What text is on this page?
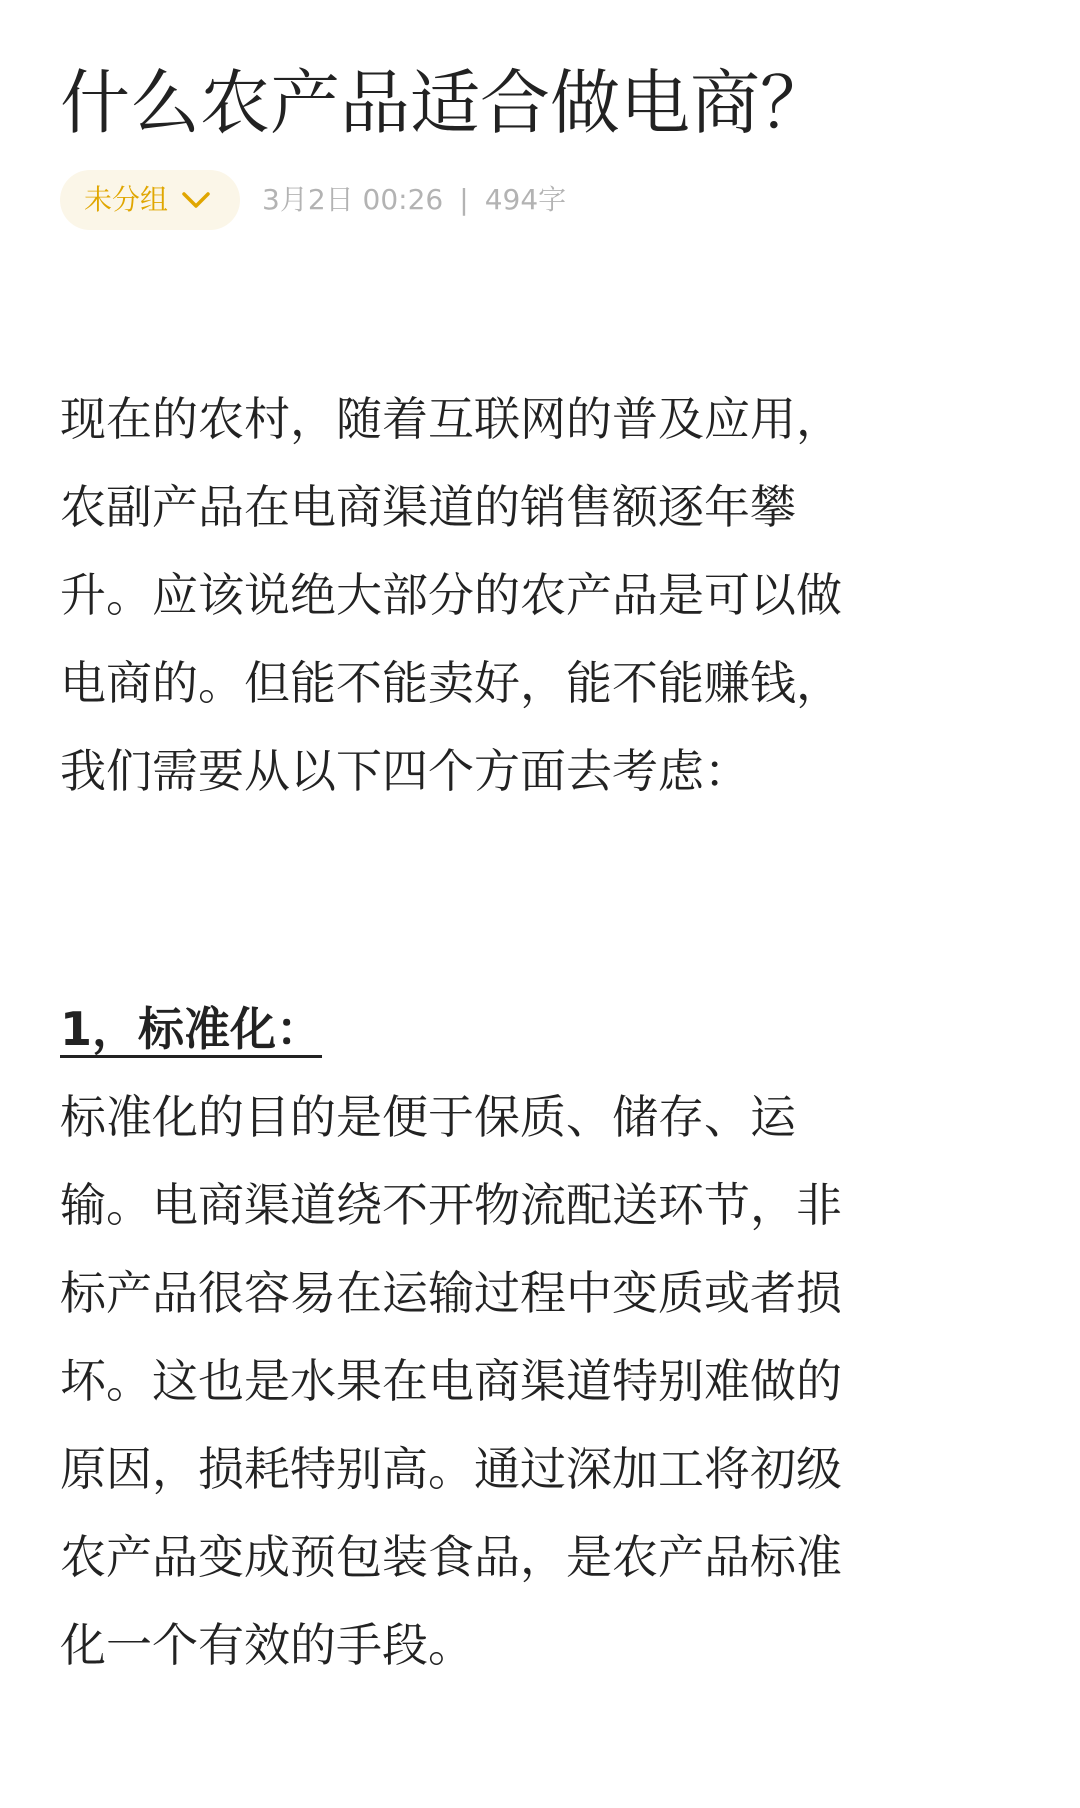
什么农产品适合做电商？
未分组	3月2日 00:26 | 494字

现在的农村，随着互联网的普及应用，
农副产品在电商渠道的销售额逐年攀
升。应该说绝大部分的农产品是可以做
电商的。但能不能卖好，能不能赚钱，
我们需要从以下四个方面去考虑：

1，标准化：

标准化的目的是便于保质、储存、运
输。电商渠道绕不开物流配送环节，非
标产品很容易在运输过程中变质或者损
坏。这也是水果在电商渠道特别难做的
原因，损耗特别高。通过深加工将初级
农产品变成预包装食品，是农产品标准
化一个有效的手段。
